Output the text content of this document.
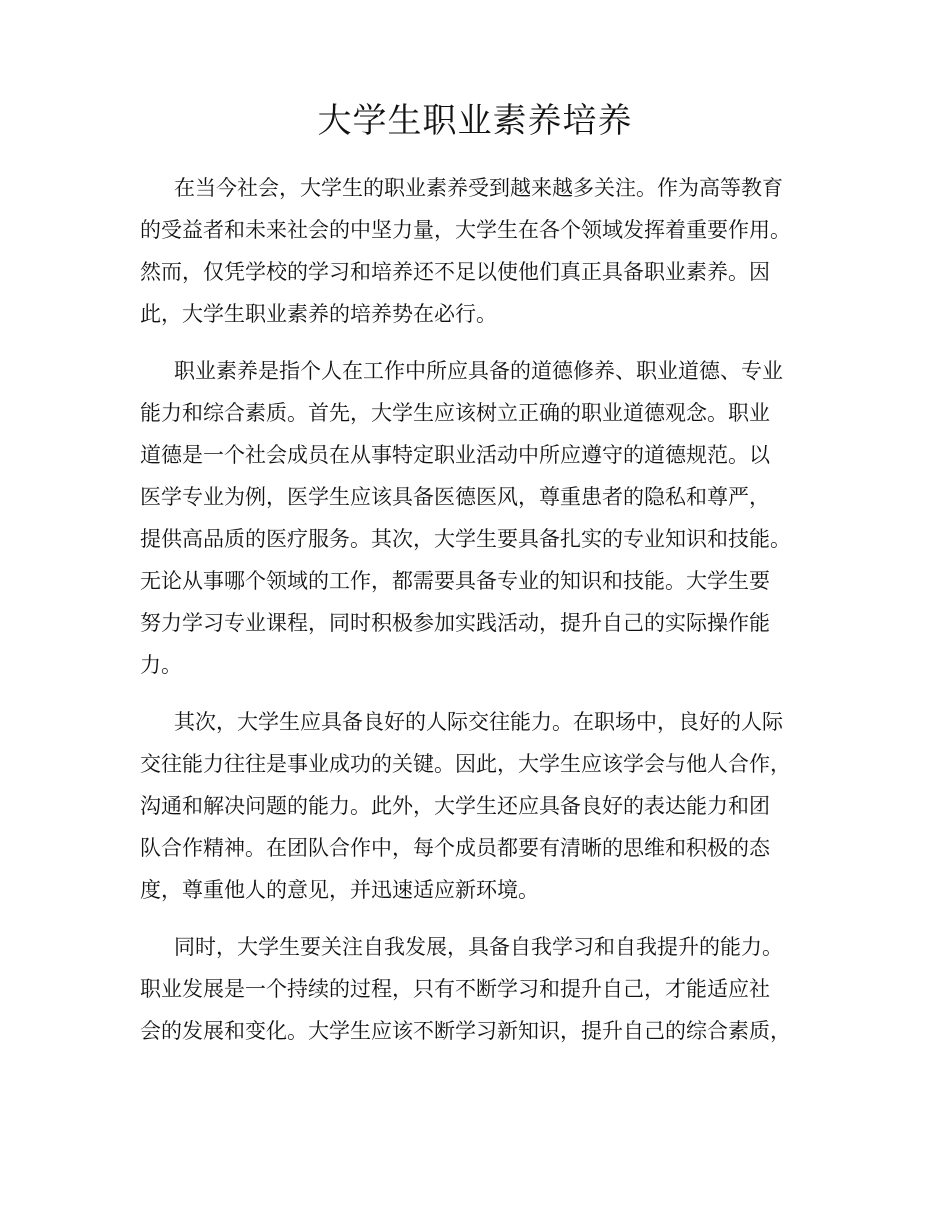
大学生职业素养培养

在当今社会，大学生的职业素养受到越来越多关注。作为高等教育

的受益者和未来社会的中坚力量，大学生在各个领域发挥着重要作用。

然而，仅凭学校的学习和培养还不足以使他们真正具备职业素养。因

此，大学生职业素养的培养势在必行。

职业素养是指个人在工作中所应具备的道德修养、职业道德、专业

能力和综合素质。首先，大学生应该树立正确的职业道德观念。职业

道德是一个社会成员在从事特定职业活动中所应遵守的道德规范。以

医学专业为例，医学生应该具备医德医风，尊重患者的隐私和尊严，

提供高品质的医疗服务。其次，大学生要具备扎实的专业知识和技能。

无论从事哪个领域的工作，都需要具备专业的知识和技能。大学生要

努力学习专业课程，同时积极参加实践活动，提升自己的实际操作能

力。

其次，大学生应具备良好的人际交往能力。在职场中，良好的人际

交往能力往往是事业成功的关键。因此，大学生应该学会与他人合作，

沟通和解决问题的能力。此外，大学生还应具备良好的表达能力和团

队合作精神。在团队合作中，每个成员都要有清晰的思维和积极的态

度，尊重他人的意见，并迅速适应新环境。

同时，大学生要关注自我发展，具备自我学习和自我提升的能力。

职业发展是一个持续的过程，只有不断学习和提升自己，才能适应社

会的发展和变化。大学生应该不断学习新知识，提升自己的综合素质，
